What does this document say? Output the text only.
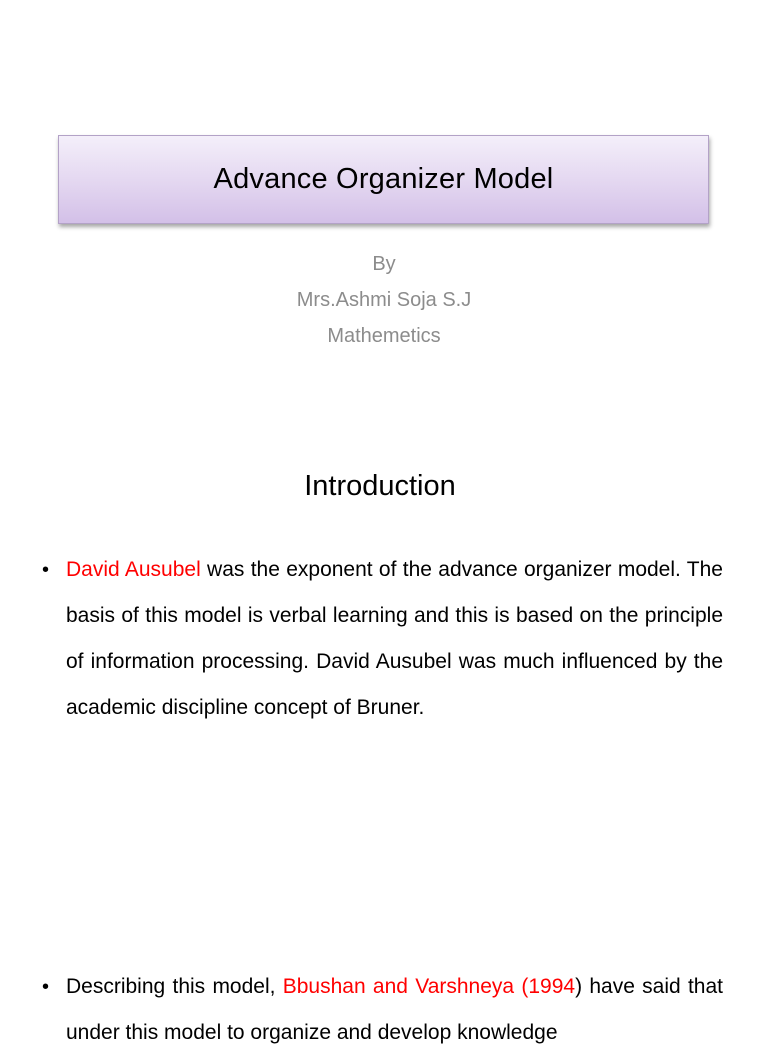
Advance Organizer Model
By
Mrs.Ashmi Soja S.J
Mathemetics
Introduction
• David Ausubel was the exponent of the advance organizer model. The basis of this model is verbal learning and this is based on the principle of information processing. David Ausubel was much influenced by the academic discipline concept of Bruner.

• Describing this model, Bbushan and Varshneya (1994) have said that under this model to organize and develop knowledge
